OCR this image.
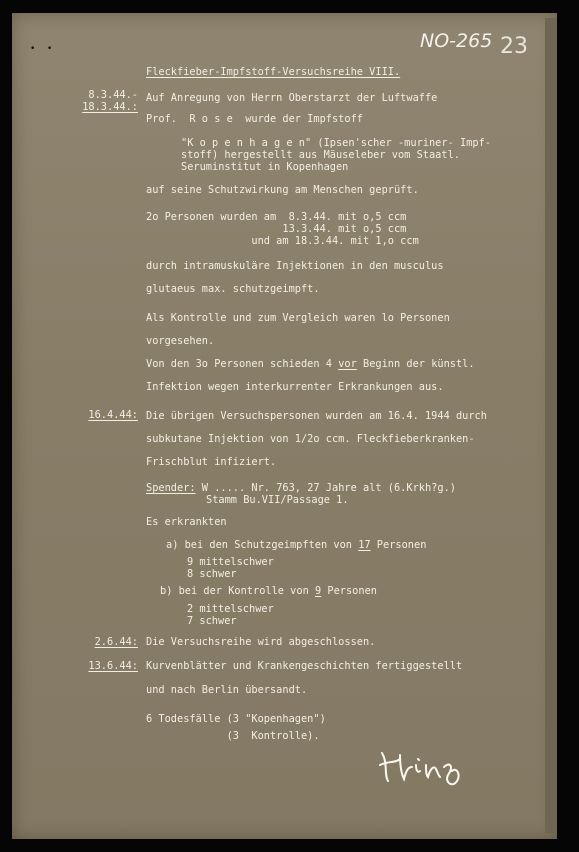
• •	NO-265 23
Fleckfieber-Impfstoff-Versuchsreihe VIII.
8.3.44.-
18.3.44.:
Auf Anregung von Herrn Oberstarzt der Luftwaffe
Prof.  R o s e  wurde der Impfstoff
"K o p e n h a g e n" (Ipsen'scher -muriner- Impf-
stoff) hergestellt aus Mäuseleber vom Staatl.
Seruminstitut in Kopenhagen
auf seine Schutzwirkung am Menschen geprüft.
2o Personen wurden am  8.3.44. mit o,5 ccm
13.3.44. mit o,5 ccm
und am 18.3.44. mit 1,o ccm
durch intramuskuläre Injektionen in den musculus
glutaeus max. schutzgeimpft.
Als Kontrolle und zum Vergleich waren lo Personen
vorgesehen.
Von den 3o Personen schieden 4 vor Beginn der künstl.
Infektion wegen interkurrenter Erkrankungen aus.
16.4.44: Die übrigen Versuchspersonen wurden am 16.4. 1944 durch
subkutane Injektion von 1/2o ccm. Fleckfieberkranken-
Frischblut infiziert.
Spender: W ..... Nr. 763, 27 Jahre alt (6.Krkh?g.)
Stamm Bu.VII/Passage 1.
Es erkrankten
a) bei den Schutzgeimpften von 17 Personen
9 mittelschwer
8 schwer
b) bei der Kontrolle von 9 Personen
2 mittelschwer
7 schwer
2.6.44: Die Versuchsreihe wird abgeschlossen.
13.6.44: Kurvenblätter und Krankengeschichten fertiggestellt
und nach Berlin übersandt.
6 Todesfälle (3 "Kopenhagen")
(3  Kontrolle).
